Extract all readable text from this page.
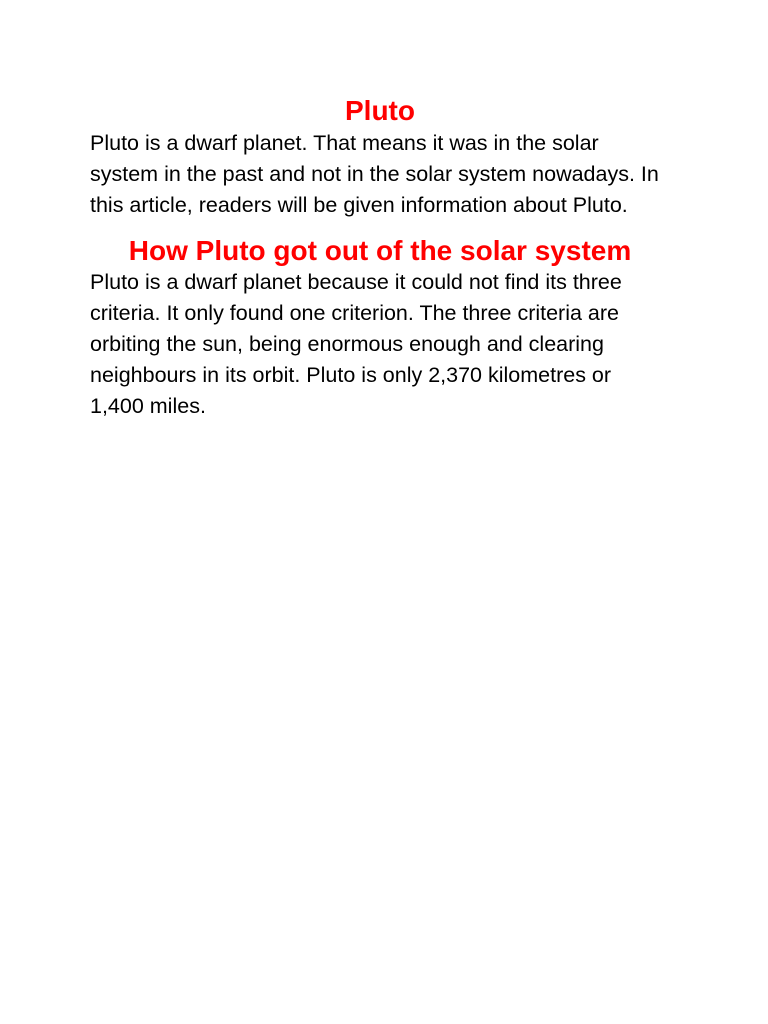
Pluto

Pluto is a dwarf planet. That means it was in the solar system in the past and not in the solar system nowadays. In this article, readers will be given information about Pluto.

How Pluto got out of the solar system

Pluto is a dwarf planet because it could not find its three criteria. It only found one criterion. The three criteria are orbiting the sun, being enormous enough and clearing neighbours in its orbit. Pluto is only 2,370 kilometres or 1,400 miles.
